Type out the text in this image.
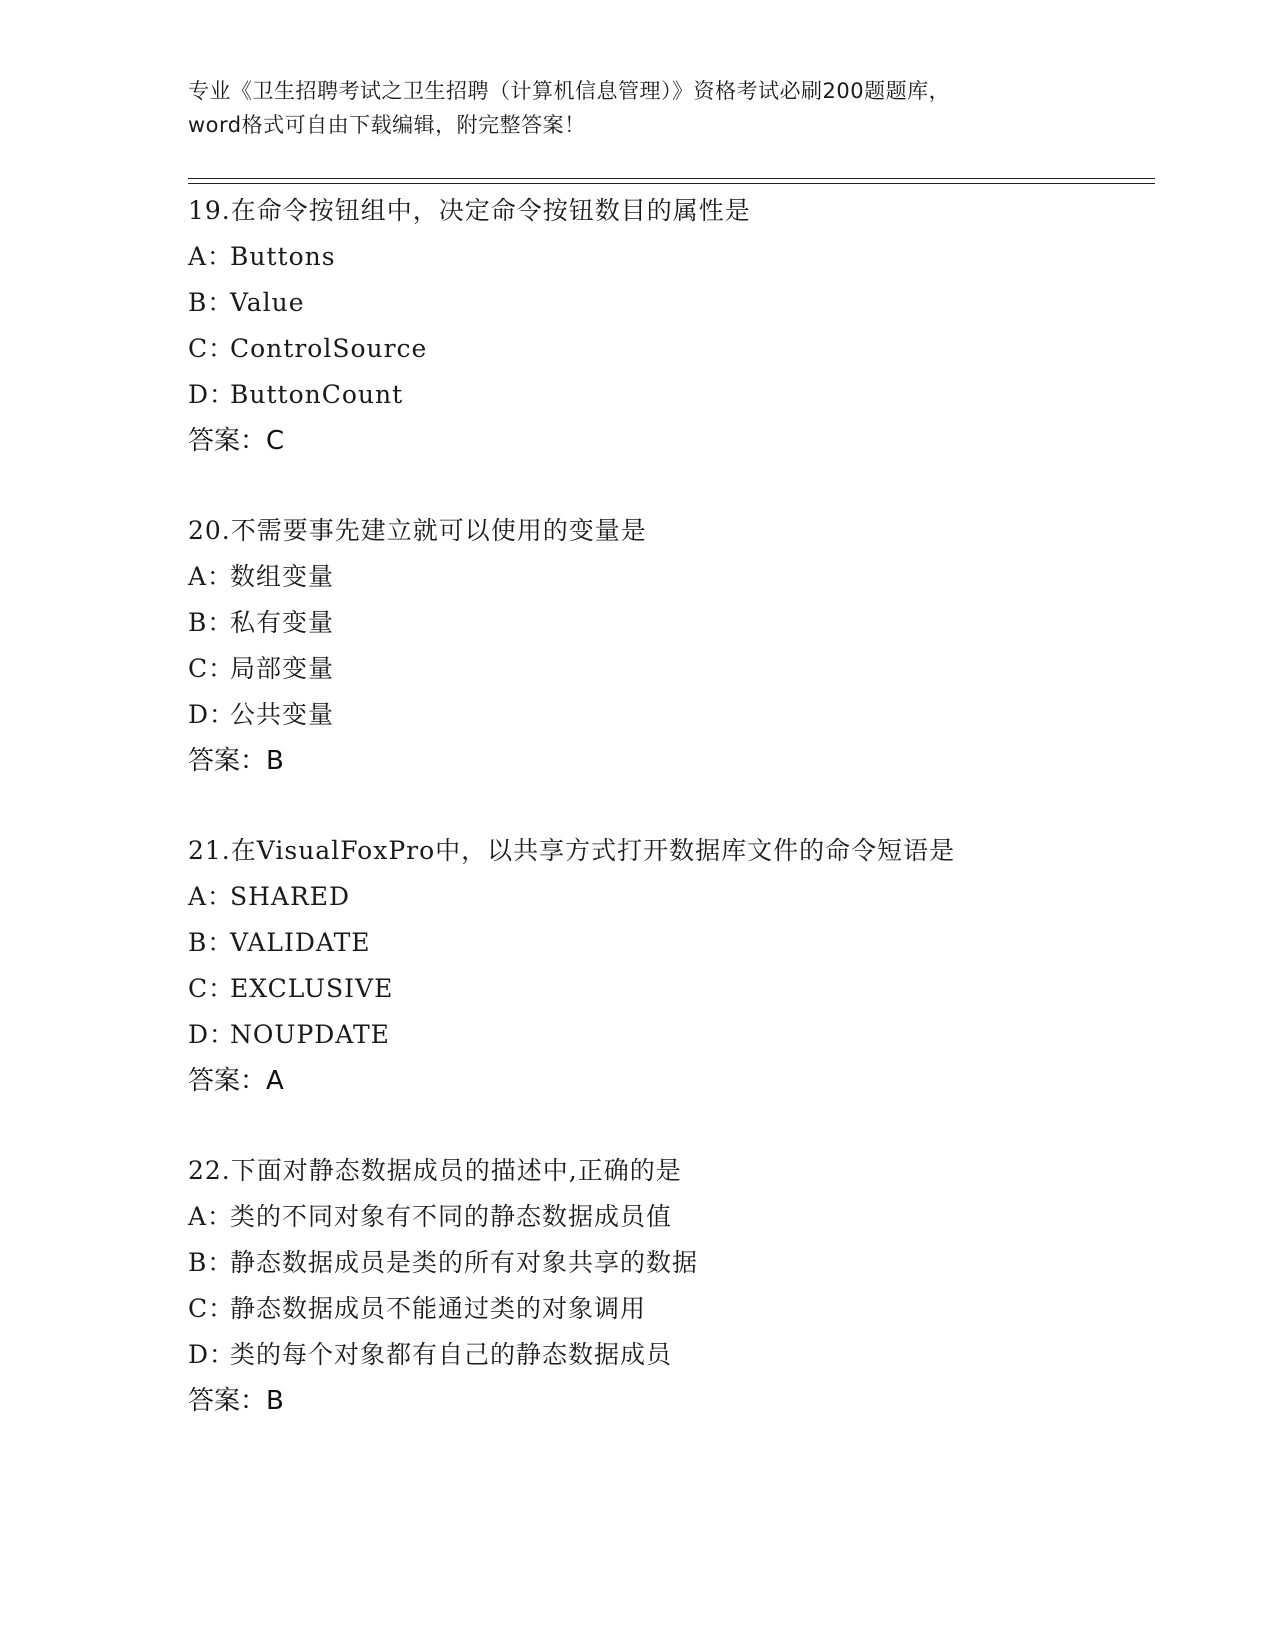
专业《卫生招聘考试之卫生招聘（计算机信息管理）》资格考试必刷200题题库，
word格式可自由下载编辑，附完整答案！
19.在命令按钮组中，决定命令按钮数目的属性是
A：Buttons
B：Value
C：ControlSource
D：ButtonCount
答案：C
20.不需要事先建立就可以使用的变量是
A：数组变量
B：私有变量
C：局部变量
D：公共变量
答案：B
21.在VisualFoxPro中，以共享方式打开数据库文件的命令短语是
A：SHARED
B：VALIDATE
C：EXCLUSIVE
D：NOUPDATE
答案：A
22.下面对静态数据成员的描述中,正确的是
A：类的不同对象有不同的静态数据成员值
B：静态数据成员是类的所有对象共享的数据
C：静态数据成员不能通过类的对象调用
D：类的每个对象都有自己的静态数据成员
答案：B
